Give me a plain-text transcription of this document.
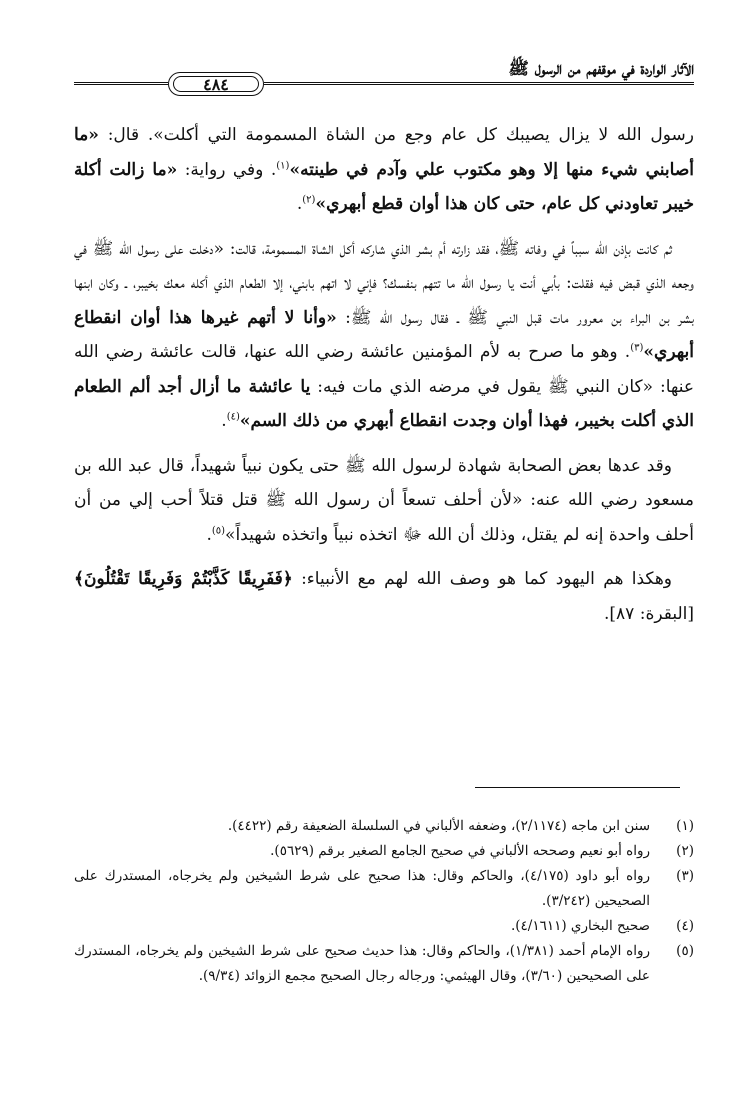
الآثار الواردة في موقفهم من الرسول ﷺ
٤٨٤

رسول الله لا يزال يصيبك كل عام وجع من الشاة المسمومة التي أكلت». قال: «ما أصابني شيء منها إلا وهو مكتوب علي وآدم في طينته»$^{(١)}$. وفي رواية: «ما زالت أكلة خيبر تعاودني كل عام، حتى كان هذا أوان قطع أبهري»$^{(٢)}$.

ثم كانت بإذن الله سبباً في وفاته ﷺ، فقد زارته أم بشر الذي شاركه أكل الشاة المسمومة، قالت: «دخلت على رسول الله ﷺ في وجعه الذي قبض فيه فقلت: بأبي أنت يا رسول الله ما تتهم بنفسك؟ فإني لا اتهم بابني، إلا الطعام الذي أكله معك بخيبر، ـ وكان ابنها بشر بن البراء بن معرور مات قبل النبي ﷺ ـ فقال رسول الله ﷺ: «وأنا لا أتهم غيرها هذا أوان انقطاع أبهري»$^{(٣)}$. وهو ما صرح به لأم المؤمنين عائشة رضي الله عنها، قالت عائشة رضي الله عنها: «كان النبي ﷺ يقول في مرضه الذي مات فيه: يا عائشة ما أزال أجد ألم الطعام الذي أكلت بخيبر، فهذا أوان وجدت انقطاع أبهري من ذلك السم»$^{(٤)}$.

وقد عدها بعض الصحابة شهادة لرسول الله ﷺ حتى يكون نبياً شهيداً، قال عبد الله بن مسعود رضي الله عنه: «لأن أحلف تسعاً أن رسول الله ﷺ قتل قتلاً أحب إلي من أن أحلف واحدة إنه لم يقتل، وذلك أن الله ﷻ اتخذه نبياً واتخذه شهيداً»$^{(٥)}$.

وهكذا هم اليهود كما هو وصف الله لهم مع الأنبياء: ﴿فَفَرِيقًا كَذَّبْتُمْ وَفَرِيقًا تَقْتُلُونَ﴾ [البقرة: ٨٧].

(١)
سنن ابن ماجه (٢/١١٧٤)، وضعفه الألباني في السلسلة الضعيفة رقم (٤٤٢٢).
(٢)
رواه أبو نعيم وصححه الألباني في صحيح الجامع الصغير برقم (٥٦٢٩).
(٣)
رواه أبو داود (٤/١٧٥)، والحاكم وقال: هذا صحيح على شرط الشيخين ولم يخرجاه، المستدرك على الصحيحين (٣/٢٤٢).
(٤)
صحيح البخاري (٤/١٦١١).
(٥)
رواه الإمام أحمد (١/٣٨١)، والحاكم وقال: هذا حديث صحيح على شرط الشيخين ولم يخرجاه، المستدرك على الصحيحين (٣/٦٠)، وقال الهيثمي: ورجاله رجال الصحيح مجمع الزوائد (٩/٣٤).
